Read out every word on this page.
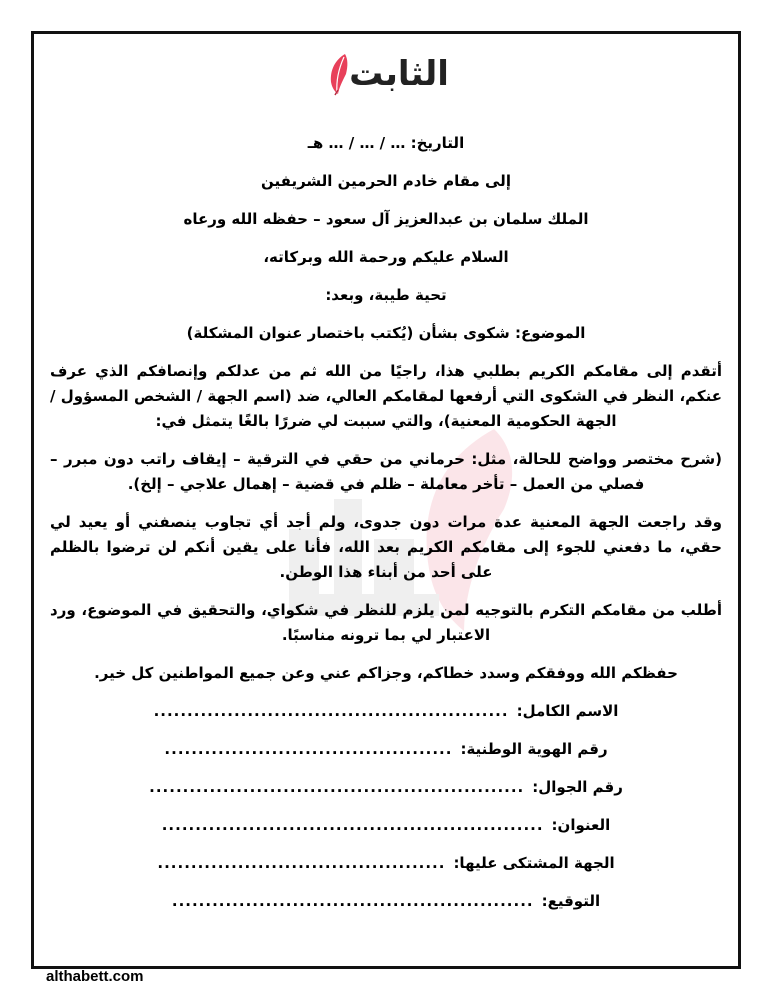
الثابت
التاريخ: … / … / … هـ
إلى مقام خادم الحرمين الشريفين
الملك سلمان بن عبدالعزيز آل سعود – حفظه الله ورعاه
السلام عليكم ورحمة الله وبركاته،
تحية طيبة، وبعد:
الموضوع: شكوى بشأن (يُكتب باختصار عنوان المشكلة)
أتقدم إلى مقامكم الكريم بطلبي هذا، راجيًا من الله ثم من عدلكم وإنصافكم الذي عرف عنكم، النظر في الشكوى التي أرفعها لمقامكم العالي، ضد (اسم الجهة / الشخص المسؤول / الجهة الحكومية المعنية)، والتي سببت لي ضررًا بالغًا يتمثل في:
(شرح مختصر وواضح للحالة، مثل: حرماني من حقي في الترقية – إيقاف راتب دون مبرر – فصلي من العمل – تأخر معاملة – ظلم في قضية – إهمال علاجي – إلخ).
وقد راجعت الجهة المعنية عدة مرات دون جدوى، ولم أجد أي تجاوب ينصفني أو يعيد لي حقي، ما دفعني للجوء إلى مقامكم الكريم بعد الله، فأنا على يقين أنكم لن ترضوا بالظلم على أحد من أبناء هذا الوطن.
أطلب من مقامكم التكرم بالتوجيه لمن يلزم للنظر في شكواي، والتحقيق في الموضوع، ورد الاعتبار لي بما ترونه مناسبًا.
حفظكم الله ووفقكم وسدد خطاكم، وجزاكم عني وعن جميع المواطنين كل خير.
الاسم الكامل:
.....................................................
رقم الهوية الوطنية:
...........................................
رقم الجوال:
........................................................
العنوان:
.........................................................
الجهة المشتكى عليها:
...........................................
التوقيع:
......................................................
althabett.com
